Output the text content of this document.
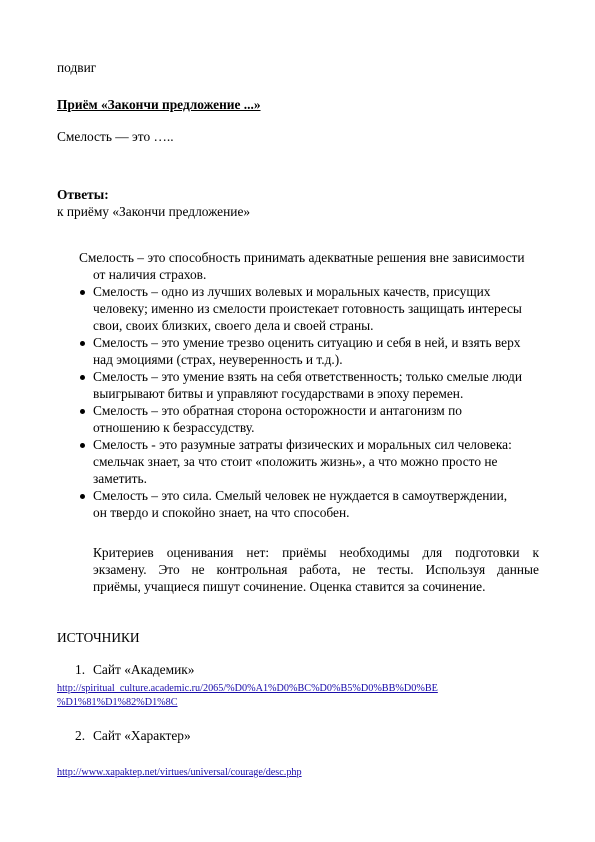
подвиг
Приём «Закончи предложение ...»
Смелость — это …..
Ответы:
к приёму «Закончи предложение»
Смелость – это способность принимать адекватные решения вне зависимости
от наличия страхов.
Смелость – одно из лучших волевых и моральных качеств, присущих
человеку; именно из смелости проистекает готовность защищать интересы
свои, своих близких, своего дела и своей страны.
Смелость – это умение трезво оценить ситуацию и себя в ней, и взять верх
над эмоциями (страх, неуверенность и т.д.).
Смелость – это умение взять на себя ответственность; только смелые люди
выигрывают битвы и управляют государствами в эпоху перемен.
Смелость – это обратная сторона осторожности и антагонизм по
отношению к безрассудству.
Смелость - это разумные затраты физических и моральных сил человека:
смельчак знает, за что стоит «положить жизнь», а что можно просто не
заметить.
Смелость – это сила. Смелый человек не нуждается в самоутверждении,
он твердо и спокойно знает, на что способен.
Критериев оценивания нет: приёмы необходимы для подготовки к
экзамену. Это не контрольная работа, не тесты. Используя данные
приёмы, учащиеся пишут сочинение. Оценка ставится за сочинение.
ИСТОЧНИКИ
1. Сайт «Академик»
http://spiritual_culture.academic.ru/2065/%D0%A1%D0%BC%D0%B5%D0%BB%D0%BE
%D1%81%D1%82%D1%8C
2. Сайт «Характер»
http://www.xapaktep.net/virtues/universal/courage/desc.php
